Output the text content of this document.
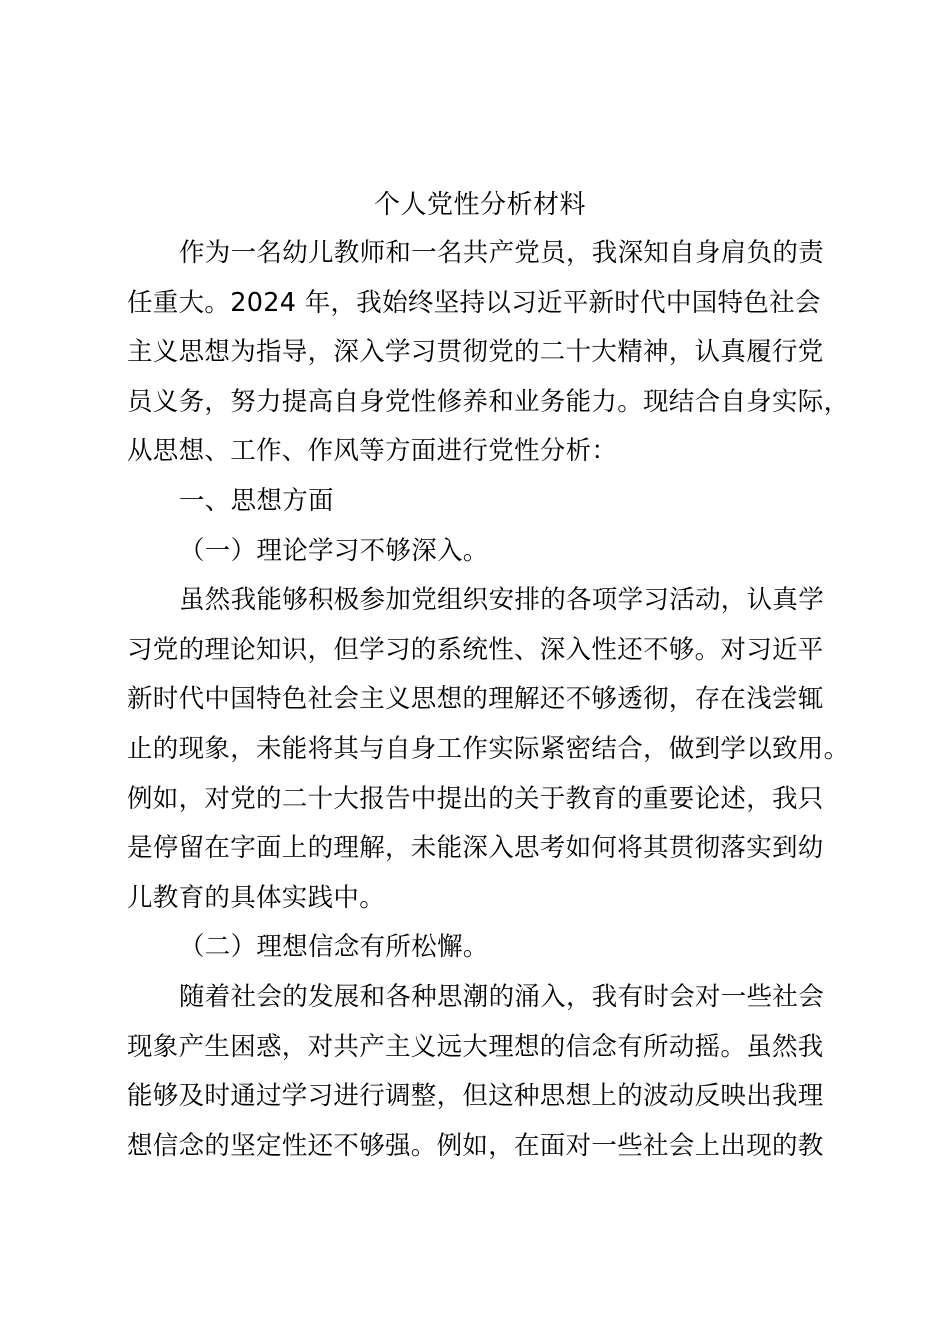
个人党性分析材料
作为一名幼儿教师和一名共产党员，我深知自身肩负的责
任重大。2024 年，我始终坚持以习近平新时代中国特色社会
主义思想为指导，深入学习贯彻党的二十大精神，认真履行党
员义务，努力提高自身党性修养和业务能力。现结合自身实际，
从思想、工作、作风等方面进行党性分析：
一、思想方面
（一）理论学习不够深入。
虽然我能够积极参加党组织安排的各项学习活动，认真学
习党的理论知识，但学习的系统性、深入性还不够。对习近平
新时代中国特色社会主义思想的理解还不够透彻，存在浅尝辄
止的现象，未能将其与自身工作实际紧密结合，做到学以致用。
例如，对党的二十大报告中提出的关于教育的重要论述，我只
是停留在字面上的理解，未能深入思考如何将其贯彻落实到幼
儿教育的具体实践中。
（二）理想信念有所松懈。
随着社会的发展和各种思潮的涌入，我有时会对一些社会
现象产生困惑，对共产主义远大理想的信念有所动摇。虽然我
能够及时通过学习进行调整，但这种思想上的波动反映出我理
想信念的坚定性还不够强。例如，在面对一些社会上出现的教
